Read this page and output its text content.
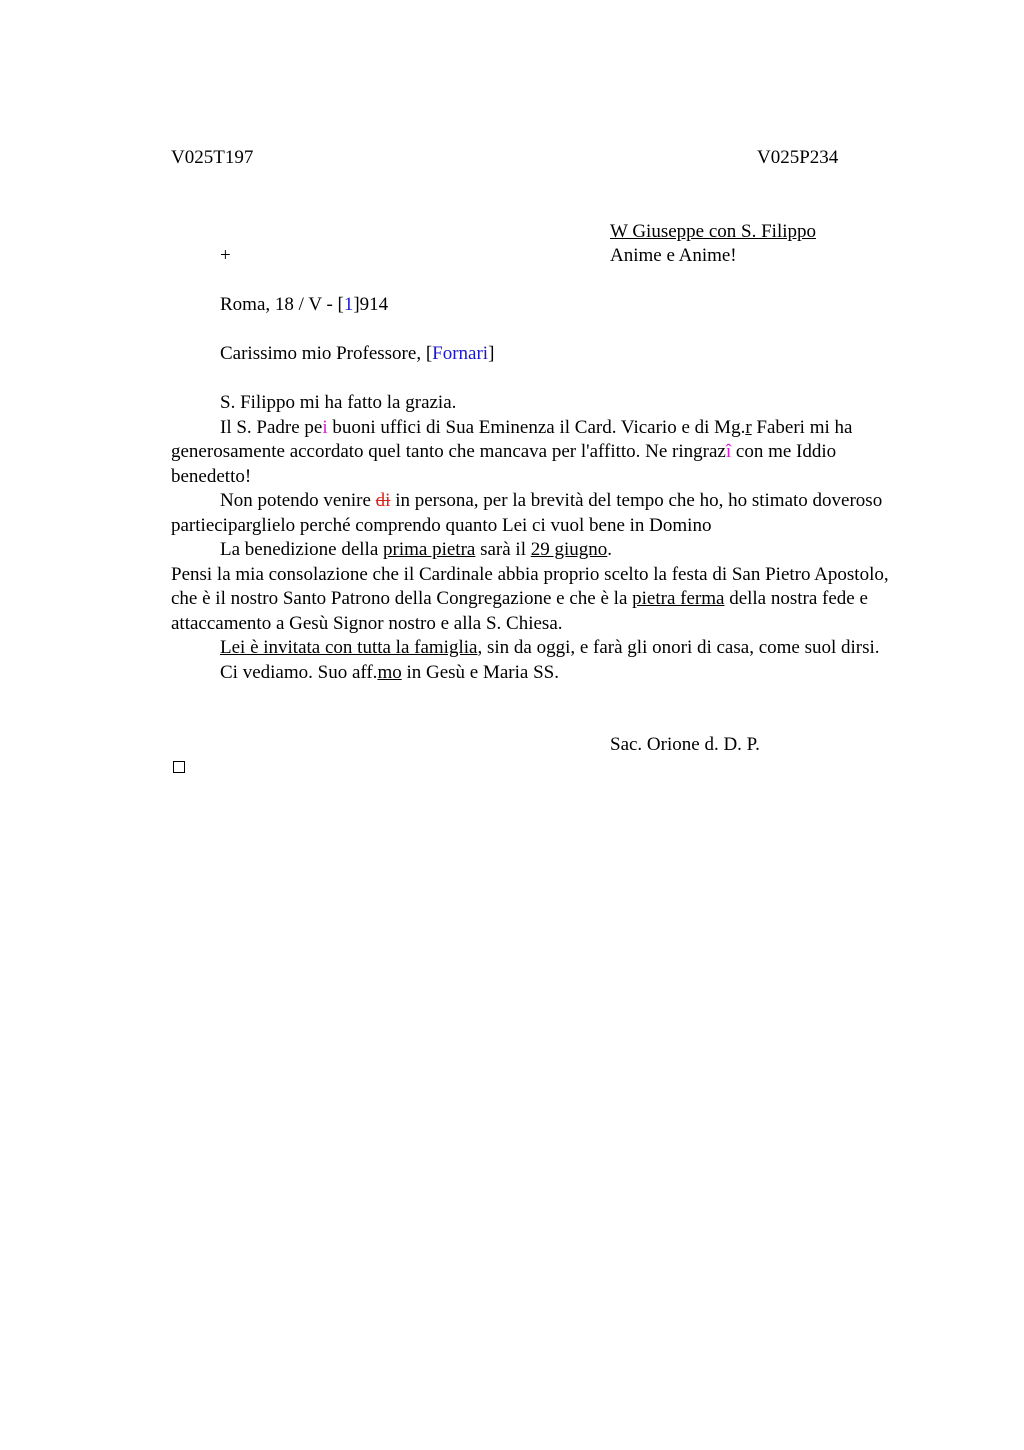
V025T197	V025P234
W Giuseppe con S. Filippo
Anime e Anime!
+
Roma, 18 / V - [1]914
Carissimo mio Professore, [Fornari]

S. Filippo mi ha fatto la grazia.

Il S. Padre pei buoni uffici di Sua Eminenza il Card. Vicario e di Mg.r Faberi mi ha generosamente accordato quel tanto che mancava per l'affitto. Ne ringrazî con me Iddio benedetto!

Non potendo venire di in persona, per la brevità del tempo che ho, ho stimato doveroso partiecipargliel​o perché comprendo quanto Lei ci vuol bene in Domino

La benedizione della prima pietra sarà il 29 giugno.

Pensi la mia consolazione che il Cardinale abbia proprio scelto la festa di San Pietro Apostolo, che è il nostro Santo Patrono della Congregazione e che è la pietra ferma della nostra fede e attaccamento a Gesù Signor nostro e alla S. Chiesa.

Lei è invitata con tutta la famiglia, sin da oggi, e farà gli onori di casa, come suol dirsi.

Ci vediamo. Suo aff.mo in Gesù e Maria SS.

Sac. Orione d. D. P.
